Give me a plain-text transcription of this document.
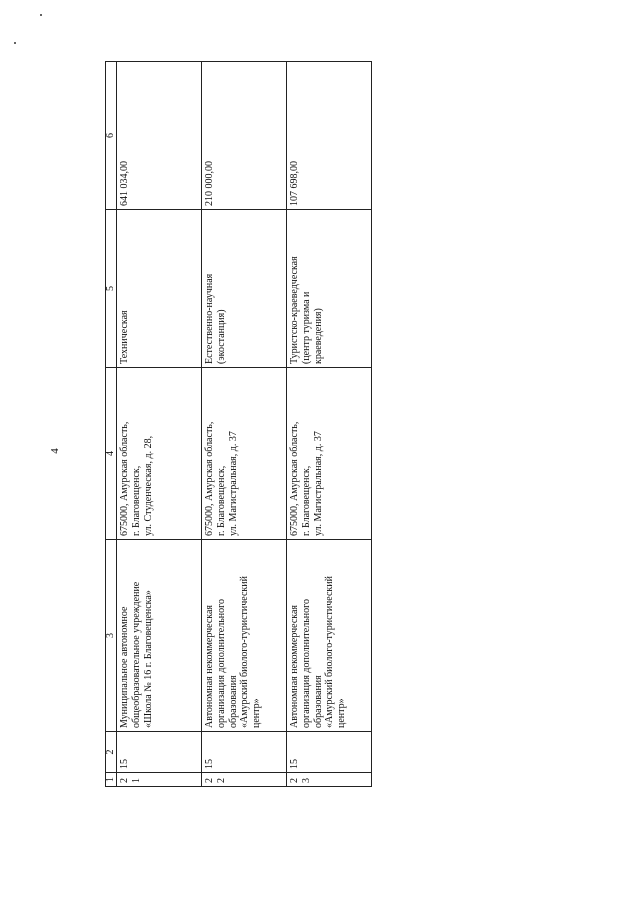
4
1	2	3	4	5	6
21	15	Муниципальное автономное
общеобразовательное учреждение
«Школа № 16 г. Благовещенска»	675000, Амурская область,
г. Благовещенск,
ул. Студенческая, д. 28,	Техническая	641 034,00
22	15	Автономная некоммерческая
организация дополнительного
образования
«Амурский биолого-туристический
центр»	675000, Амурская область,
г. Благовещенск,
ул. Магистральная, д. 37	Естественно-научная
(экостанция)	210 000,00
23	15	Автономная некоммерческая
организация дополнительного
образования
«Амурский биолого-туристический
центр»	675000, Амурская область,
г. Благовещенск,
ул. Магистральная, д. 37	Туристско-краеведческая
(центр туризма и
краеведения)	107 698,00
